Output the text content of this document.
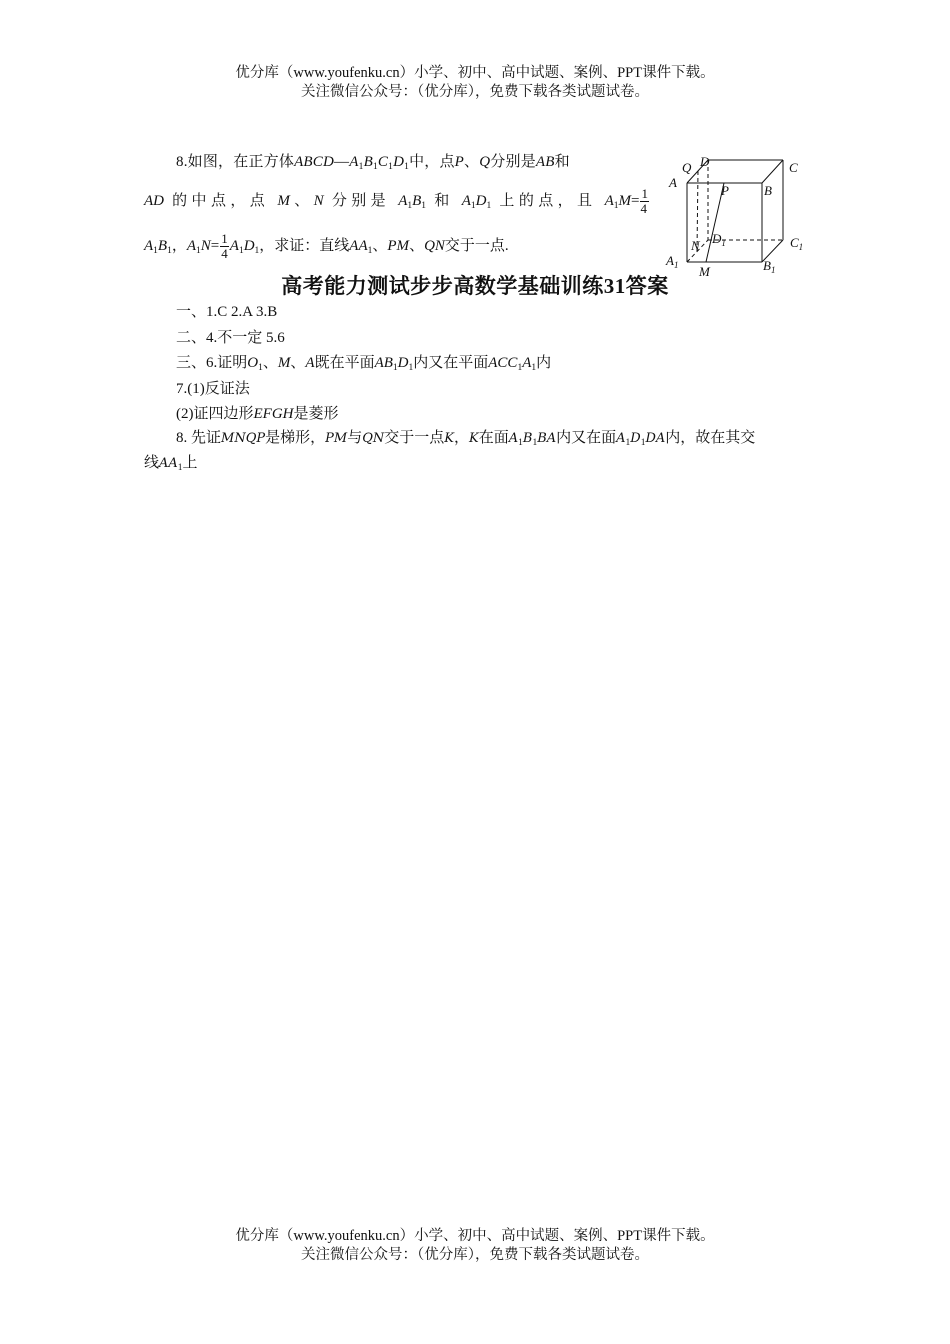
优分库（www.youfenku.cn）小学、初中、高中试题、案例、PPT课件下载。
关注微信公众号：（优分库），免费下载各类试题试卷。
8.如图，在正方体$ABCD—A_1B_1C_1D_1$中，点P、Q分别是AB和
AD 的中点，点 M、N 分别是 $A_1B_1$ 和 $A_1D_1$ 上的点，且 $A_1M= \frac{1}{4}$
$A_1B_1$，$A_1N= \frac{1}{4} A_1D_1$，求证：直线$AA_1$、PM、QN交于一点.
Q D	C
A
P	B
$D_1$	$C_1$
N
$A_1$ M	$B_1$
高考能力测试步步高数学基础训练31答案
一、1.C 2.A 3.B
二、4.不一定 5.6
三、6.证明$O_1$、M、A既在平面$AB_1D_1$内又在平面$ACC_1A_1$内
7.(1)反证法
(2)证四边形EFGH是菱形
8. 先证MNQP是梯形，PM与QN交于一点K，K在面$A_1B_1BA$内又在面$A_1D_1DA$内，故在其交
线$AA_1$上
优分库（www.youfenku.cn）小学、初中、高中试题、案例、PPT课件下载。
关注微信公众号：（优分库），免费下载各类试题试卷。
